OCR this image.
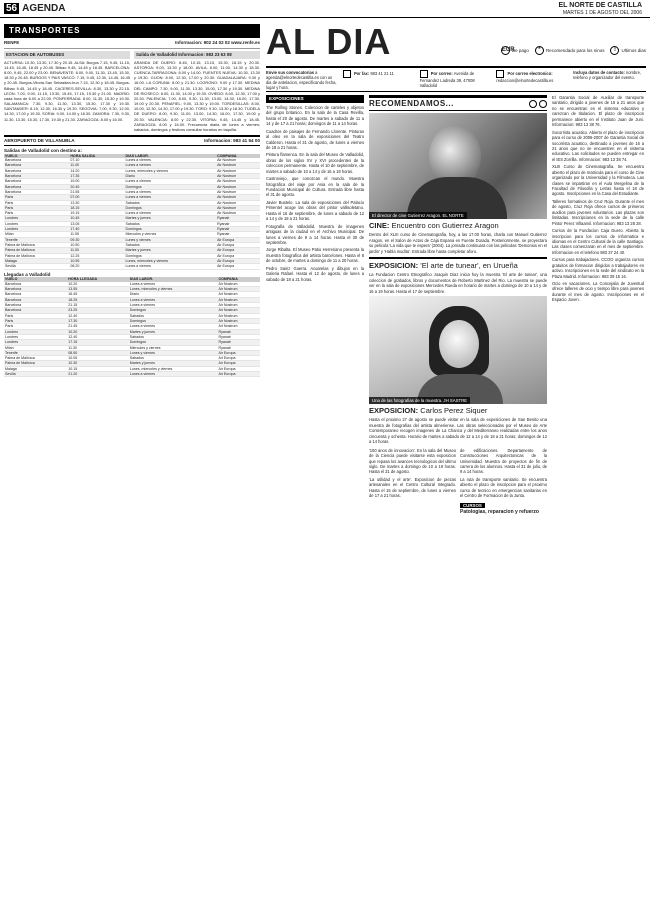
56 AGENDA	EL NORTE DE CASTILLA
MARTES 1 DE AGOSTO DEL 2006
TRANSPORTES
RENFE	Informacion: 902 24 02 02 www.renfe.es
ESTACION DE AUTOBUSES

ACTURSA: 10.30, 13.30, 17.30 y 20.15. ALSA: Burgos 7.15, 9.45, 11.15, 14.45, 16.45, 18.45 y 20.45. Bilbao 9.45, 14.45 y 18.45. BARCELONA: 8.00, 9.45, 22.00 y 23.00. BENAVENTE: 8.00, 9.00, 11.30, 13.45, 15.30, 18.30 y 20.45. BURGOS Y PAIS VASCO: 7.15, 9.45, 12.30, 14.45, 16.45 y 20.45. Burgos-Vitoria-San Sebastian-Irun 7.15, 12.30 y 18.45. Burgos-Bilbao 9.45, 14.45 y 18.45. CACERES-SEVILLA: 8.30, 13.30 y 22.15. LEON: 7.00, 9.00, 11.15, 13.30, 15.45, 17.15, 19.30 y 21.00. MADRID: cada hora de 6.00 a 22.00. PONFERRADA: 8.00, 11.30, 15.30 y 19.30. SALAMANCA: 7.30, 9.30, 11.30, 13.30, 15.30, 17.30 y 19.30. SANTANDER: 8.15, 12.30, 16.30 y 19.30. SEGOVIA: 7.00, 9.30, 12.00, 14.30, 17.00 y 19.30. SORIA: 9.00, 14.00 y 18.30. ZAMORA: 7.30, 9.30, 11.30, 13.30, 15.30, 17.30, 19.30 y 21.30. ZARAGOZA: 8.00 y 16.00.

Salida de Valladolid Informacion: 983 23 63 08

ARANDA DE DUERO: 8.45, 10.15, 13.15, 15.30, 18.15 y 20.30. ASTORGA: 9.00, 13.30 y 18.00. AVILA: 8.00, 11.00, 14.30 y 18.30. CUENCA-TARRAGONA: 8.00 y 14.00. FUENTES NUEVA: 10.30, 13.30 y 19.30. GIJON: 8.00, 12.30, 17.00 y 20.30. GUADALAJARA: 9.30 y 16.00. LA CORUNA: 8.00 y 21.30. LOGRONO: 9.00 y 17.30. MEDINA DEL CAMPO: 7.30, 9.00, 11.30, 13.30, 15.00, 17.30 y 19.30. MEDINA DE RIOSECO: 8.00, 11.30, 14.00 y 19.30. OVIEDO: 8.00, 12.30, 17.00 y 20.30. PALENCIA: 7.00, 8.00, 9.30, 11.30, 13.00, 14.30, 16.00, 17.30, 19.00 y 20.30. PENAFIEL: 9.00, 13.30 y 19.00. TORDESILLAS: 8.00, 10.00, 12.30, 14.30, 17.00 y 19.30. TORO: 9.30, 13.30 y 18.30. TUDELA DE DUERO: 8.00, 9.30, 11.00, 13.00, 14.30, 16.00, 17.30, 19.00 y 20.30. VALENCIA: 8.00 y 22.30. VITORIA: 9.45, 14.45 y 18.45. ZARAGOZA: 8.00 y 16.00. Frecuencia diaria de lunes a viernes; sabados, domingos y festivos consultar horarios en taquilla.

AEROPUERTO DE VILLANUBLA	Informacion: 983 41 54 00
Salidas de Valladolid con destino a:
VUELO	HORA SALIDA	DIAS LABOR.	COMPANIA
Barcelona	07.10	Lunes a viernes	Air Nostrum
Barcelona	11.40	Lunes a viernes	Air Nostrum
Barcelona	14.20	Lunes, miercoles y viernes	Air Nostrum
Barcelona	17.35	Diario	Air Nostrum
Barcelona	19.00	Lunes a viernes	Air Nostrum
Barcelona	20.45	Domingos	Air Nostrum
Barcelona	21.55	Lunes a viernes	Air Nostrum
Paris	07.00	Lunes a viernes	Air Nostrum
Paris	13.30	Sabados	Air Nostrum
Paris	18.15	Domingos	Air Nostrum
Paris	19.15	Lunes a viernes	Air Nostrum
Londres	10.45	Martes y jueves	Ryanair
Londres	13.05	Sabados	Ryanair
Londres	17.40	Domingos	Ryanair
Milan	11.55	Miercoles y viernes	Ryanair
Tenerife	09.30	Lunes y viernes	Air Europa
Palma de Mallorca	10.50	Sabados	Air Europa
Palma de Mallorca	11.00	Martes y jueves	Air Europa
Palma de Mallorca	12.25	Domingos	Air Europa
Malaga	10.55	Lunes, miercoles y viernes	Air Europa
Sevilla	08.20	Lunes a viernes	Air Europa
Llegadas a Valladolid
VUELO	HORA LLEGADA	DIAS LABOR.	COMPANIA
Barcelona	10.20	Lunes a viernes	Air Nostrum
Barcelona	13.55	Lunes, miercoles y viernes	Air Nostrum
Barcelona	16.45	Diario	Air Nostrum
Barcelona	18.25	Lunes a viernes	Air Nostrum
Barcelona	21.15	Lunes a viernes	Air Nostrum
Barcelona	23.25	Domingos	Air Nostrum
Paris	12.40	Sabados	Air Nostrum
Paris	17.30	Domingos	Air Nostrum
Paris	21.45	Lunes a viernes	Air Nostrum
Londres	10.20	Martes y jueves	Ryanair
Londres	12.40	Sabados	Ryanair
Londres	17.15	Domingos	Ryanair
Milan	11.30	Miercoles y viernes	Ryanair
Tenerife	08.50	Lunes y viernes	Air Europa
Palma de Mallorca	10.05	Sabados	Air Europa
Palma de Mallorca	10.30	Martes y jueves	Air Europa
Malaga	10.15	Lunes, miercoles y viernes	Air Europa
Sevilla	21.20	Lunes a viernes	Air Europa
AL DIA	EUR
De pago	*	Recomendado para los ninos	!	Ultimos dias
Envie sus convocatorias a agenda@elnortedecastilla.es con un dia de antelacion, especificando fecha, lugar y hora.
Por fax: 983 41 21 11	Por correo: Avenida de Fernandez Ladreda 39, 47008 Valladolid
Por correo electronico: redaccion@elnortedecastilla.es
Incluya datos de contacto: nombre, telefono y organizador del evento.
EXPOSICIONES

The Rolling Stones. Coleccion de carteles y objetos del grupo britanico. En la sala de la Casa Revilla, hasta el 20 de agosto. De martes a sabado de 11 a 14 y de 17 a 21 horas; domingos de 11 a 14 horas.

Cuadros de paisajes de Fernando Llorente. Pinturas al oleo en la sala de exposiciones del Teatro Calderon. Hasta el 31 de agosto, de lunes a viernes de 18 a 21 horas.

Pintura flamenca. En la sala del Museo de Valladolid, obras de los siglos XV y XVI procedentes de la coleccion permanente. Hasta el 10 de septiembre, de martes a sabado de 10 a 14 y de 16 a 19 horas.

Castroviejo, que conozcan el mundo. Muestra fotografica del viaje por Asia en la sala de la Fundacion Municipal de Cultura. Entrada libre hasta el 31 de agosto.

Javier Bustelo. La sala de exposiciones del Palacio Pimentel acoge las obras del pintor vallisoletano. Hasta el 16 de septiembre, de lunes a sabado de 12 a 14 y de 18 a 21 horas.

Fotografia de Valladolid. Muestra de imagenes antiguas de la ciudad en el Archivo Municipal. De lunes a viernes de 9 a 14 horas. Hasta el 30 de septiembre.

Jorge Ribalta. El Museo Patio Herreriano presenta la muestra fotografica del artista barcelones. Hasta el 8 de octubre, de martes a domingo de 11 a 20 horas.

Pedro Sainz Guerra. Acuarelas y dibujos en la Galeria Rafael. Hasta el 12 de agosto, de lunes a sabado de 18 a 21 horas.

RECOMENDAMOS...
El director de cine Gutierrez Aragon. EL NORTE
CINE: Encuentro con Gutierrez Aragon

Dentro del XLIII curso de Cinematografia, hoy, a las 17.00 horas, charla con Manuel Gutierrez Aragon, en el Salon de Actos de Caja Espana en Fuente Dorada. Posteriormente, se proyectara su pelicula 'La vida que te espera' (2004). La jornada continuara con las peliculas 'Demonios en el jardin' y 'Habla mudita'. Entrada libre hasta completar aforo.

EXPOSICION: 'El arte de tunear', en Urueña

La Fundacion Centro Etnografico Joaquin Diaz inicia hoy la muestra 'El arte de tunear', una coleccion de grabados, libros y documentos de Roberto Martinez del Rio. La muestra se puede ver en la sala de exposiciones Mercedes Rueda en horario de martes a domingo de 10 a 14 y de 16 a 19 horas. Hasta el 17 de septiembre.

Una de las fotografias de la muestra. JH SASTRE
EXPOSICION: Carlos Perez Siquer

Hasta el proximo 27 de agosto se puede visitar en la sala de exposiciones de San Benito una muestra de fotografias del artista almeriense. Las obras seleccionadas por el Museo de Arte Contemporaneo recogen imagenes de La Chanca y del Mediterraneo realizadas entre los anos cincuenta y ochenta. Horario de martes a sabado de 12 a 14 y de 18 a 21 horas; domingos de 12 a 14 horas.

'100 anos de innovacion'. En la sala del Museo de la Ciencia puede visitarse esta exposicion que repasa los avances tecnologicos del ultimo siglo. De martes a domingo de 10 a 19 horas. Hasta el 31 de agosto.

'La utilidad y el arte'. Exposicion de piezas artesanales en el Centro Cultural Integrado. Hasta el 15 de septiembre, de lunes a viernes de 17 a 21 horas.

de edificaciones. Departamento de Construcciones Arquitectonicas de la Universidad. Muestra de proyectos de fin de carrera de los alumnos. Hasta el 31 de julio, de 9 a 14 horas.

La ruta de transporte sanitario. Se encuentra abierto el plazo de inscripcion para el proximo curso de tecnico en emergencias sanitarias en el Centro de Formacion de la Junta.

CURSOS
Patologias, reparacion y refuerzo

El Garantia Social de Auxiliar de transporte sanitario, dirigido a jovenes de 16 a 21 anos que no se encuentran en el sistema educativo y carezcan de titulacion. El plazo de inscripcion permanece abierto en el Instituto Juan de Juni. Informacion: 983 13 38 76.

Socorrista acuatico. Abierto el plazo de inscripcion para el curso de 2006-2007 de Garantia Social de socorrista acuatico, destinado a jovenes de 16 a 21 anos que no se encuentren en el sistema educativo. Las solicitudes se pueden entregar en el IES Zorrilla. Informacion: 983 13 38 74.

XLIII Curso de Cinematografia. Se encuentra abierto el plazo de matricula para el curso de Cine organizado por la Universidad y la Filmoteca. Las clases se impartiran en el Aula Mergelina de la Facultad de Filosofia y Letras hasta el 18 de agosto. Inscripciones en la Casa del Estudiante.

Talleres formativos de Cruz Roja. Durante el mes de agosto, Cruz Roja ofrece cursos de primeros auxilios para jovenes voluntarios. Las plazas son limitadas. Inscripciones en la sede de la calle Pintor Perez Villaamil. Informacion: 983 13 28 28.

Cursos de la Fundacion Caja Duero. Abierta la inscripcion para los cursos de informatica e idiomas en el Centro Cultural de la calle Santiago. Las clases comenzaran en el mes de septiembre. Informacion en el telefono 983 37 24 40.

Cursos para trabajadores. CCOO organiza cursos gratuitos de formacion dirigidos a trabajadores en activo. Inscripciones en la sede del sindicato en la Plaza Madrid. Informacion: 983 39 15 16.

Ocio en vacaciones. La Concejalia de Juventud ofrece talleres de ocio y tiempo libre para jovenes durante el mes de agosto. Inscripciones en el Espacio Joven.
